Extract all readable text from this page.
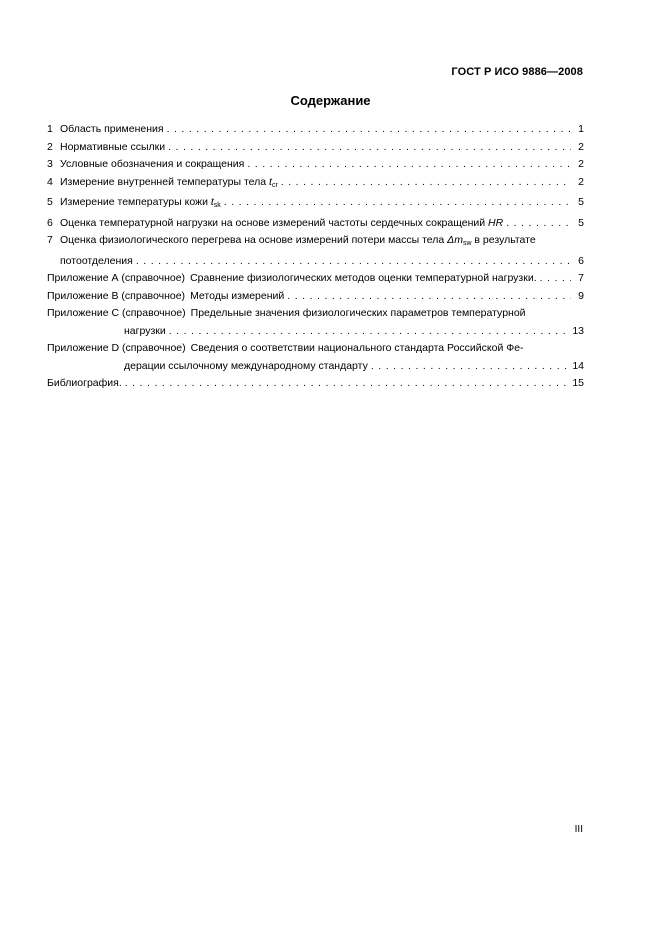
ГОСТ Р ИСО 9886—2008
Содержание
1 Область применения . . .	1
2 Нормативные ссылки . . .	2
3 Условные обозначения и сокращения . . .	2
4 Измерение внутренней температуры тела $t_{cr}$ . . .	2
5 Измерение температуры кожи $t_{sk}$ . . .	5
6 Оценка температурной нагрузки на основе измерений частоты сердечных сокращений HR . . .	5
7 Оценка физиологического перегрева на основе измерений потери массы тела $\Delta m_{sw}$ в результате
потоотделения . . .	6
Приложение А (справочное) Сравнение физиологических методов оценки температурной нагрузки. . . .	7
Приложение В (справочное) Методы измерений . . .	9
Приложение С (справочное) Предельные значения физиологических параметров температурной
нагрузки . . .	13
Приложение D (справочное) Сведения о соответствии национального стандарта Российской Фе-
дерации ссылочному международному стандарту . . .	14
Библиография. . . .	15
III
